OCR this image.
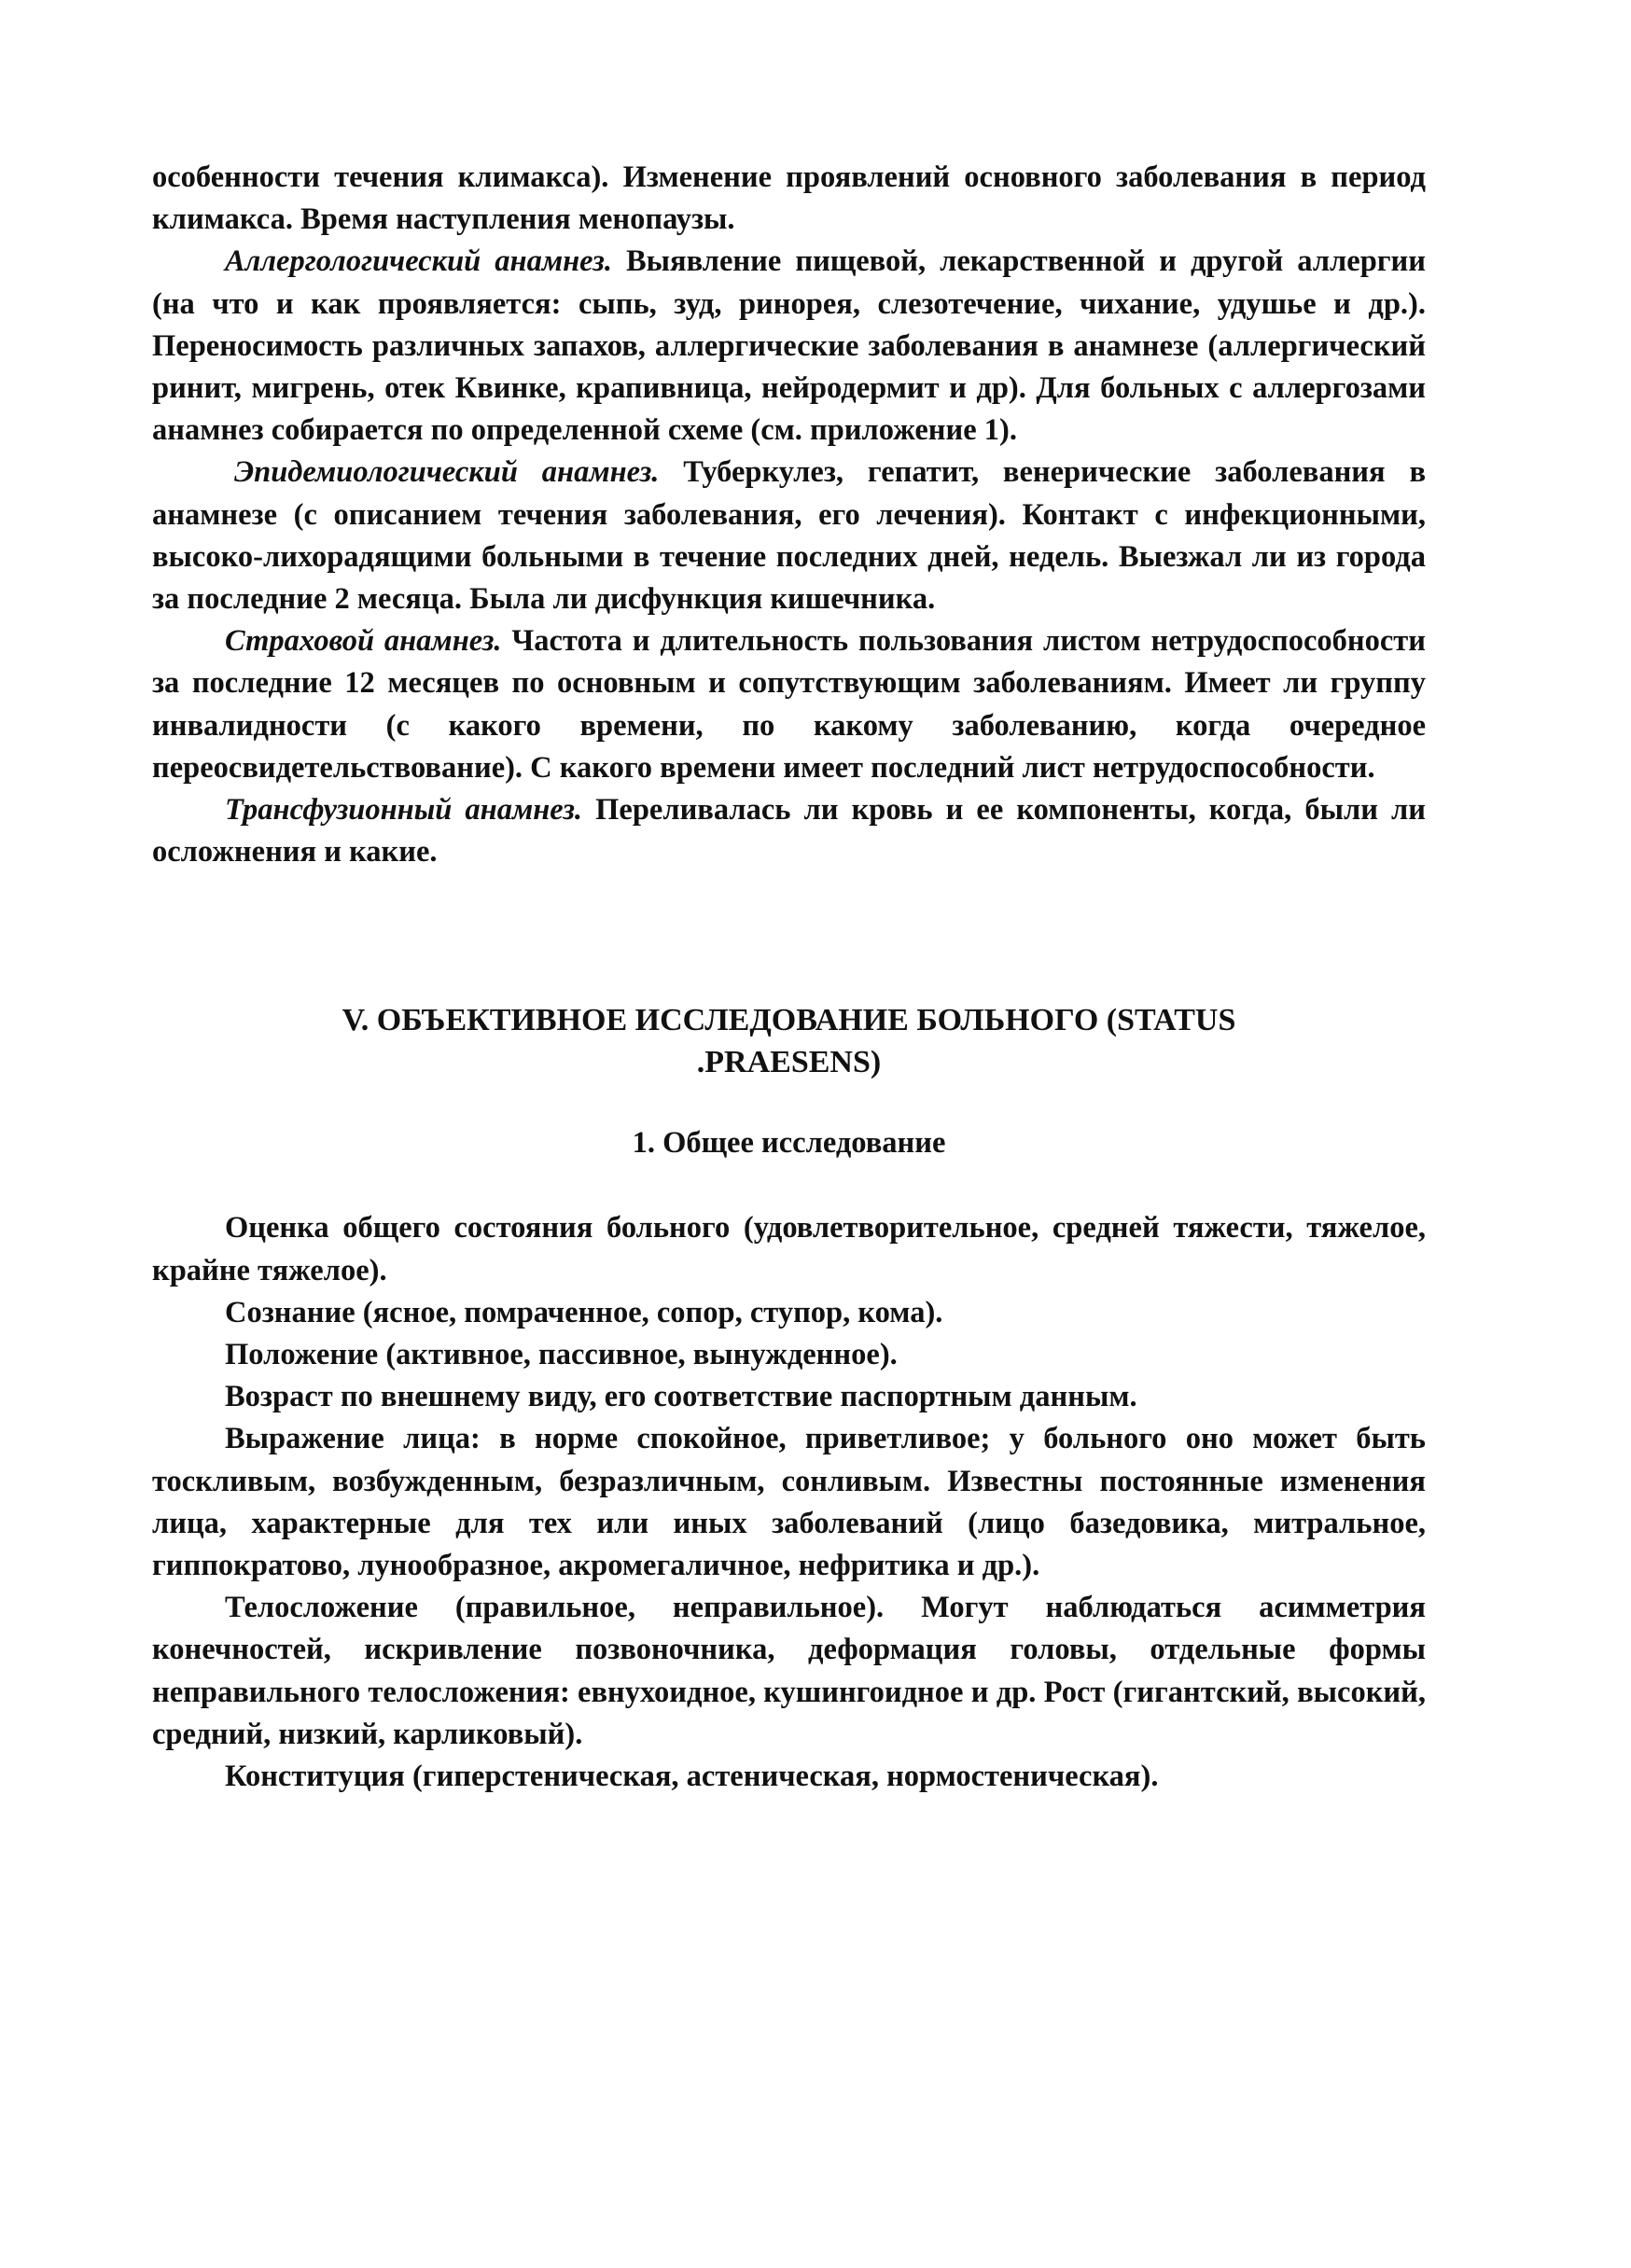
особенности течения климакса). Изменение проявлений основного заболевания в период климакса. Время наступления менопаузы.

Аллергологический анамнез. Выявление пищевой, лекарственной и другой аллергии (на что и как проявляется: сыпь, зуд, ринорея, слезотечение, чихание, удушье и др.). Переносимость различных запахов, аллергические заболевания в анамнезе (аллергический ринит, мигрень, отек Квинке, крапивница, нейродермит и др). Для больных с аллергозами анамнез собирается по определенной схеме (см. приложение 1).

Эпидемиологический анамнез. Туберкулез, гепатит, венерические заболевания в анамнезе (с описанием течения заболевания, его лечения). Контакт с инфекционными, высоко-лихорадящими больными в течение последних дней, недель. Выезжал ли из города за последние 2 месяца. Была ли дисфункция кишечника.

Страховой анамнез. Частота и длительность пользования листом нетрудоспособности за последние 12 месяцев по основным и сопутствующим заболеваниям. Имеет ли группу инвалидности (с какого времени, по какому заболеванию, когда очередное переосвидетельствование). С какого времени имеет последний лист нетрудоспособности.

Трансфузионный анамнез. Переливалась ли кровь и ее компоненты, когда, были ли осложнения и какие.

V. ОБЪЕКТИВНОЕ ИССЛЕДОВАНИЕ БОЛЬНОГО (STATUS
.PRAESENS)
1. Общее исследование

Оценка общего состояния больного (удовлетворительное, средней тяжести, тяжелое, крайне тяжелое).

Сознание (ясное, помраченное, сопор, ступор, кома).

Положение (активное, пассивное, вынужденное).

Возраст по внешнему виду, его соответствие паспортным данным.

Выражение лица: в норме спокойное, приветливое; у больного оно может быть тоскливым, возбужденным, безразличным, сонливым. Известны постоянные изменения лица, характерные для тех или иных заболеваний (лицо базедовика, митральное, гиппократово, лунообразное, акромегаличное, нефритика и др.).

Телосложение (правильное, неправильное). Могут наблюдаться асимметрия конечностей, искривление позвоночника, деформация головы, отдельные формы неправильного телосложения: евнухоидное, кушингоидное и др. Рост (гигантский, высокий, средний, низкий, карликовый).

Конституция (гиперстеническая, астеническая, нормостеническая).
